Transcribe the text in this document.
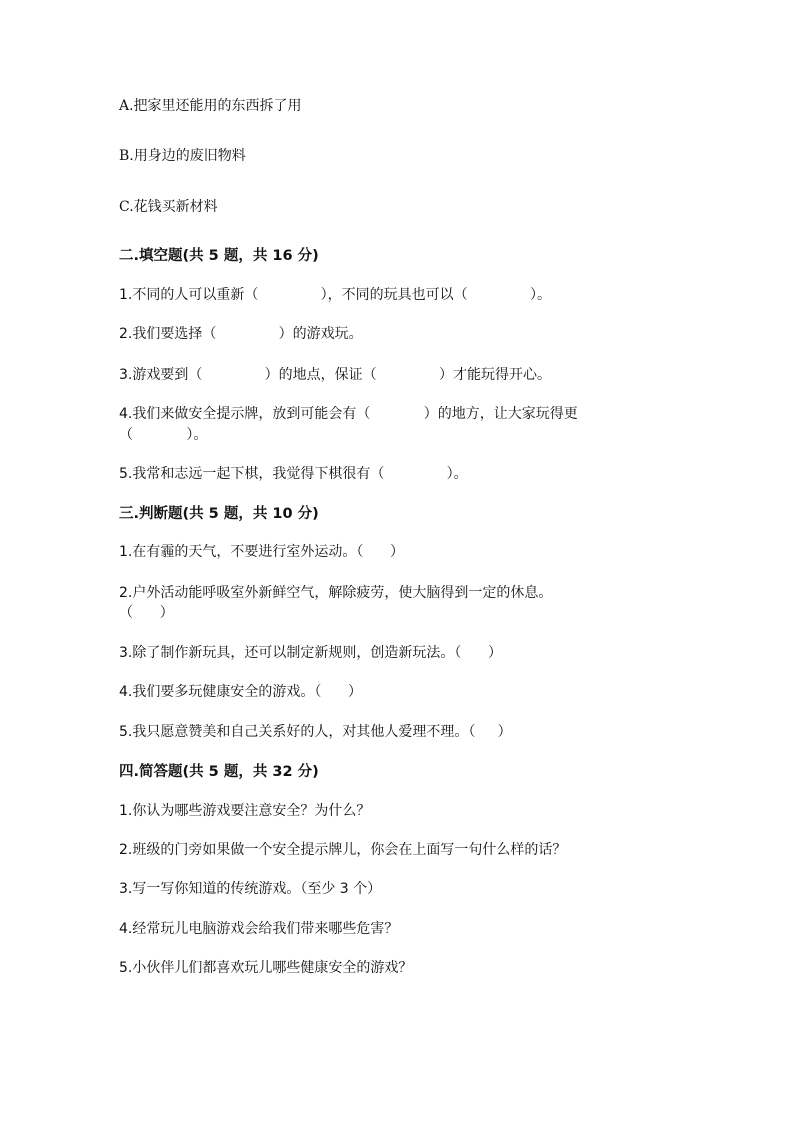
A.把家里还能用的东西拆了用
B.用身边的废旧物料
C.花钱买新材料
二.填空题(共 5 题，共 16 分)
1.不同的人可以重新（              ），不同的玩具也可以（              ）。
2.我们要选择（              ）的游戏玩。
3.游戏要到（              ）的地点，保证（              ）才能玩得开心。
4.我们来做安全提示牌，放到可能会有（            ）的地方，让大家玩得更
（            ）。
5.我常和志远一起下棋，我觉得下棋很有（              ）。
三.判断题(共 5 题，共 10 分)
1.在有霾的天气，不要进行室外运动。（      ）
2.户外活动能呼吸室外新鲜空气，解除疲劳，使大脑得到一定的休息。
（      ）
3.除了制作新玩具，还可以制定新规则，创造新玩法。（      ）
4.我们要多玩健康安全的游戏。（      ）
5.我只愿意赞美和自己关系好的人，对其他人爱理不理。（     ）
四.简答题(共 5 题，共 32 分)
1.你认为哪些游戏要注意安全？为什么？
2.班级的门旁如果做一个安全提示牌儿，你会在上面写一句什么样的话？
3.写一写你知道的传统游戏。（至少 3 个）
4.经常玩儿电脑游戏会给我们带来哪些危害？
5.小伙伴儿们都喜欢玩儿哪些健康安全的游戏？
